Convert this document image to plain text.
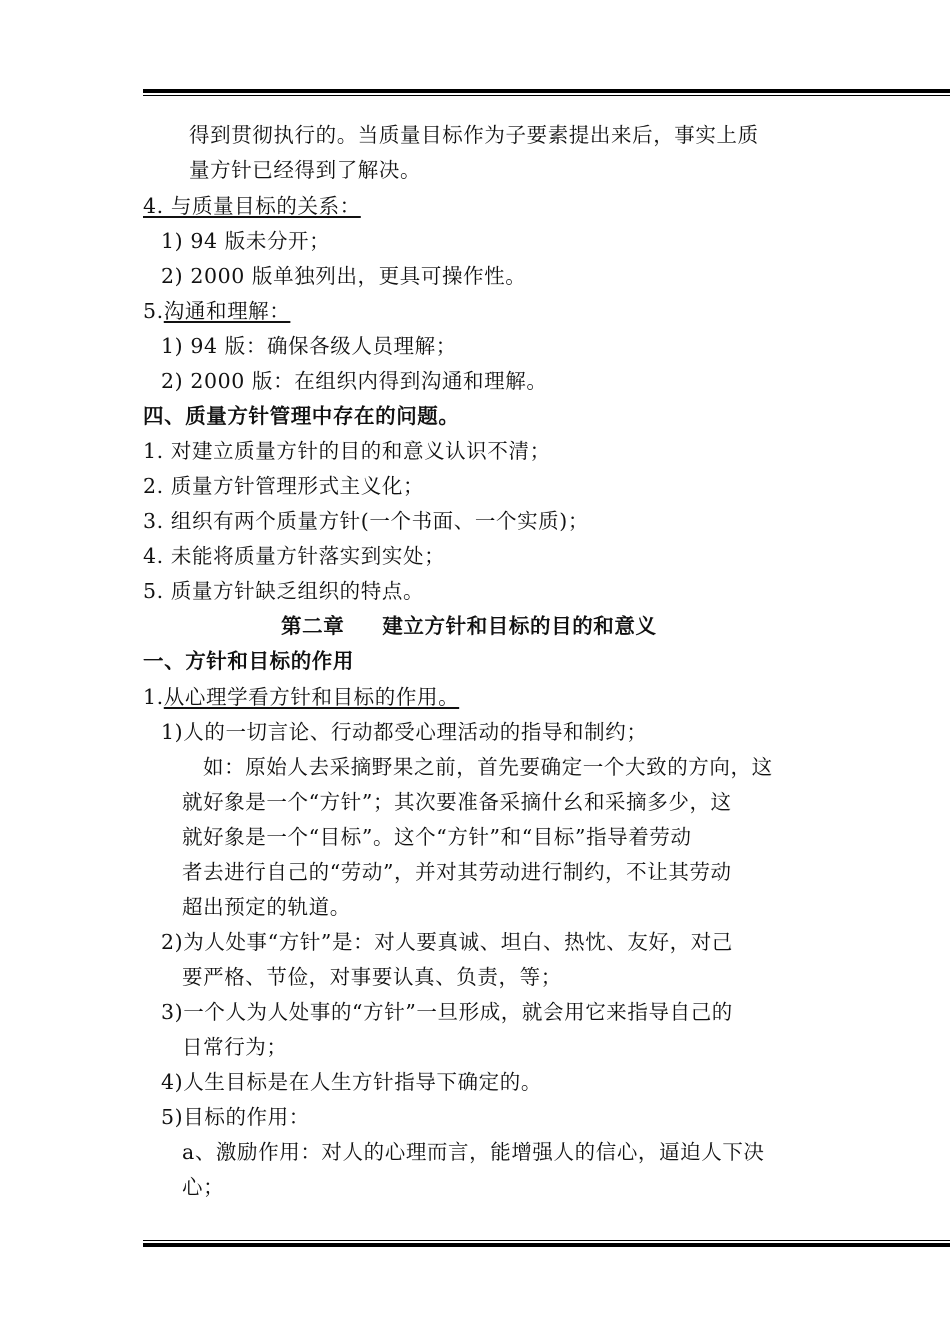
得到贯彻执行的。当质量目标作为子要素提出来后，事实上质
量方针已经得到了解决。
4. 与质量目标的关系：
1) 94 版未分开；
2) 2000 版单独列出，更具可操作性。
5.沟通和理解：
1) 94 版：确保各级人员理解；
2) 2000 版：在组织内得到沟通和理解。
四、质量方针管理中存在的问题。
1. 对建立质量方针的目的和意义认识不清；
2. 质量方针管理形式主义化；
3. 组织有两个质量方针(一个书面、一个实质)；
4. 未能将质量方针落实到实处；
5. 质量方针缺乏组织的特点。
第二章 建立方针和目标的目的和意义
一、方针和目标的作用
1.从心理学看方针和目标的作用。
1)人的一切言论、行动都受心理活动的指导和制约；
如：原始人去采摘野果之前，首先要确定一个大致的方向，这
就好象是一个“方针”；其次要准备采摘什幺和采摘多少，这
就好象是一个“目标”。这个“方针”和“目标”指导着劳动
者去进行自己的“劳动”，并对其劳动进行制约，不让其劳动
超出预定的轨道。
2)为人处事“方针”是：对人要真诚、坦白、热忱、友好，对己
要严格、节俭，对事要认真、负责，等；
3)一个人为人处事的“方针”一旦形成，就会用它来指导自己的
日常行为；
4)人生目标是在人生方针指导下确定的。
5)目标的作用：
a、激励作用：对人的心理而言，能增强人的信心，逼迫人下决
心；
